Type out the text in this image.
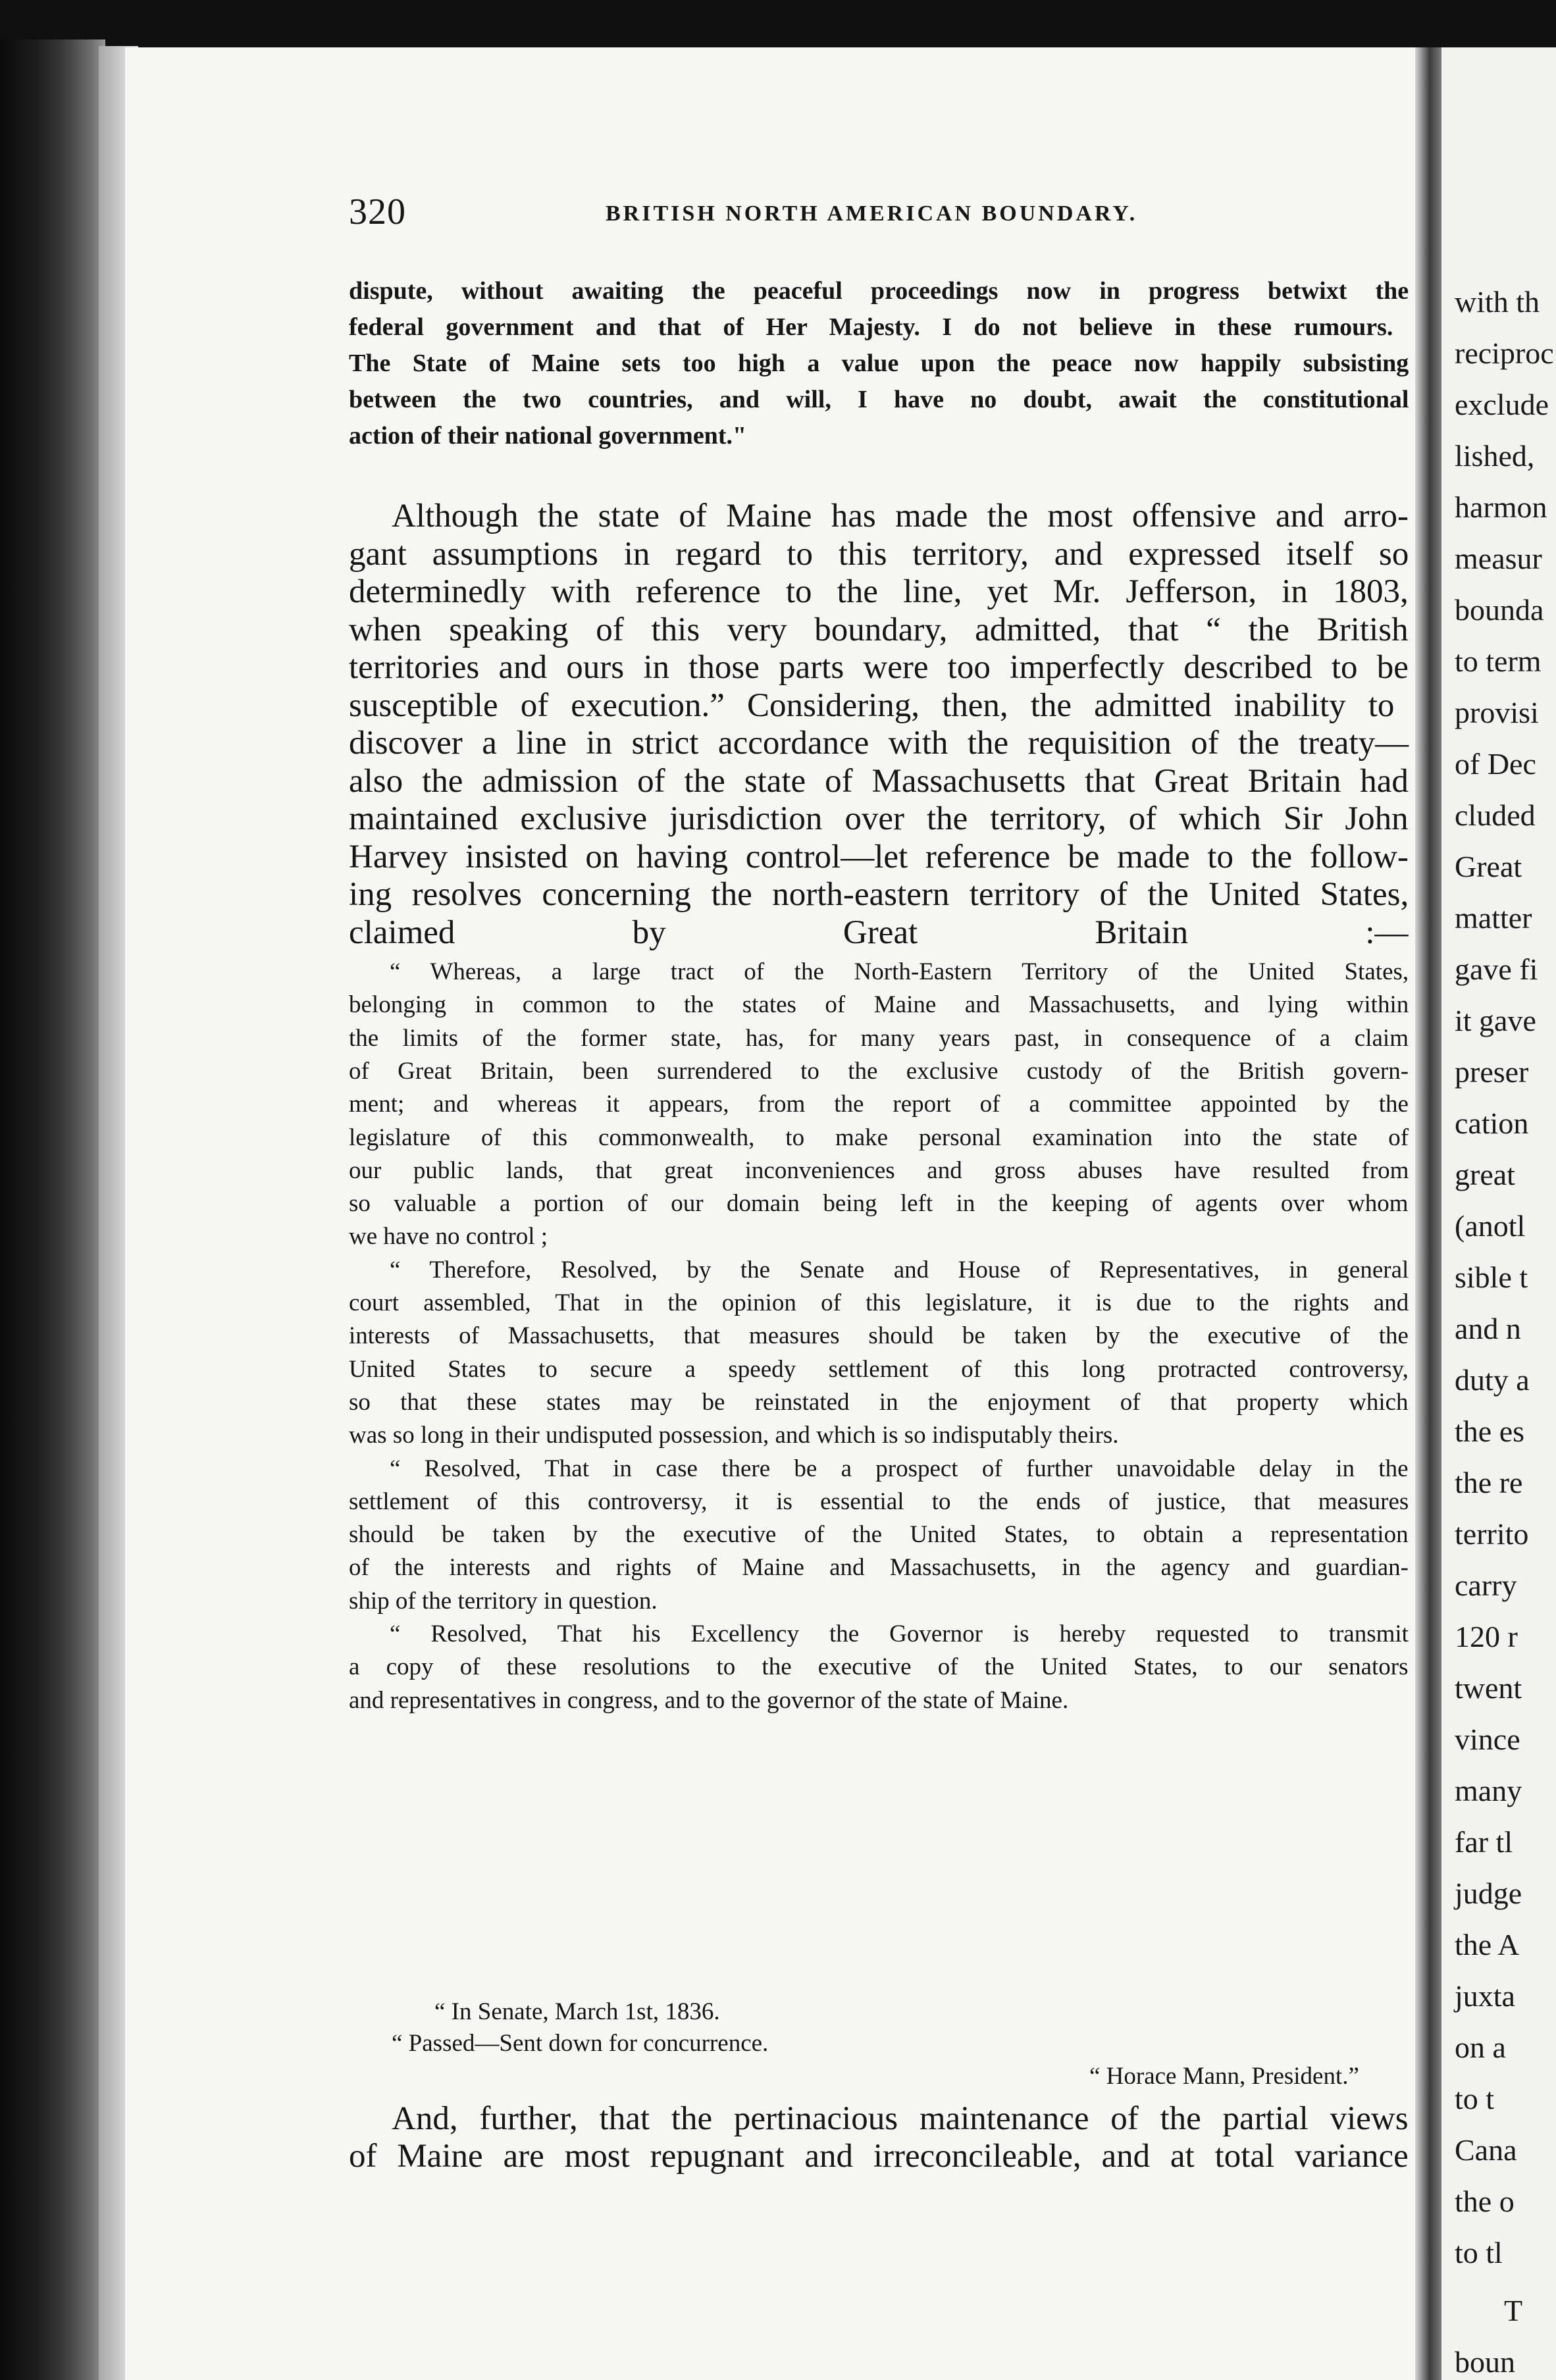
with th
reciproc
exclude
lished,
harmon
measur
bounda
to term
provisi
of Dec
cluded
Great
matter
gave fi
it gave
preser
cation
great
(anotl
sible t
and n
duty a
the es
the re
territo
carry
120 r
twent
vince
many
far tl
judge
the A
juxta
on a
to t
Cana
the o
to tl
T
boun
320	BRITISH NORTH AMERICAN BOUNDARY.
dispute, without awaiting the peaceful proceedings now in progress betwixt the
federal government and that of Her Majesty. I do not believe in these rumours.
The State of Maine sets too high a value upon the peace now happily subsisting
between the two countries, and will, I have no doubt, await the constitutional
action of their national government."
Although the state of Maine has made the most offensive and arro-
gant assumptions in regard to this territory, and expressed itself so
determinedly with reference to the line, yet Mr. Jefferson, in 1803,
when speaking of this very boundary, admitted, that “ the British
territories and ours in those parts were too imperfectly described to be
susceptible of execution.” Considering, then, the admitted inability to
discover a line in strict accordance with the requisition of the treaty—
also the admission of the state of Massachusetts that Great Britain had
maintained exclusive jurisdiction over the territory, of which Sir John
Harvey insisted on having control—let reference be made to the follow-
ing resolves concerning the north-eastern territory of the United States,
claimed by Great Britain :—
“ Whereas, a large tract of the North-Eastern Territory of the United States,
belonging in common to the states of Maine and Massachusetts, and lying within
the limits of the former state, has, for many years past, in consequence of a claim
of Great Britain, been surrendered to the exclusive custody of the British govern-
ment; and whereas it appears, from the report of a committee appointed by the
legislature of this commonwealth, to make personal examination into the state of
our public lands, that great inconveniences and gross abuses have resulted from
so valuable a portion of our domain being left in the keeping of agents over whom
we have no control ;
“ Therefore, Resolved, by the Senate and House of Representatives, in general
court assembled, That in the opinion of this legislature, it is due to the rights and
interests of Massachusetts, that measures should be taken by the executive of the
United States to secure a speedy settlement of this long protracted controversy,
so that these states may be reinstated in the enjoyment of that property which
was so long in their undisputed possession, and which is so indisputably theirs.
“ Resolved, That in case there be a prospect of further unavoidable delay in the
settlement of this controversy, it is essential to the ends of justice, that measures
should be taken by the executive of the United States, to obtain a representation
of the interests and rights of Maine and Massachusetts, in the agency and guardian-
ship of the territory in question.
“ Resolved, That his Excellency the Governor is hereby requested to transmit
a copy of these resolutions to the executive of the United States, to our senators
and representatives in congress, and to the governor of the state of Maine.
“ In Senate, March 1st, 1836.
“ Passed—Sent down for concurrence.
“ Horace Mann, President.”
And, further, that the pertinacious maintenance of the partial views
of Maine are most repugnant and irreconcileable, and at total variance
